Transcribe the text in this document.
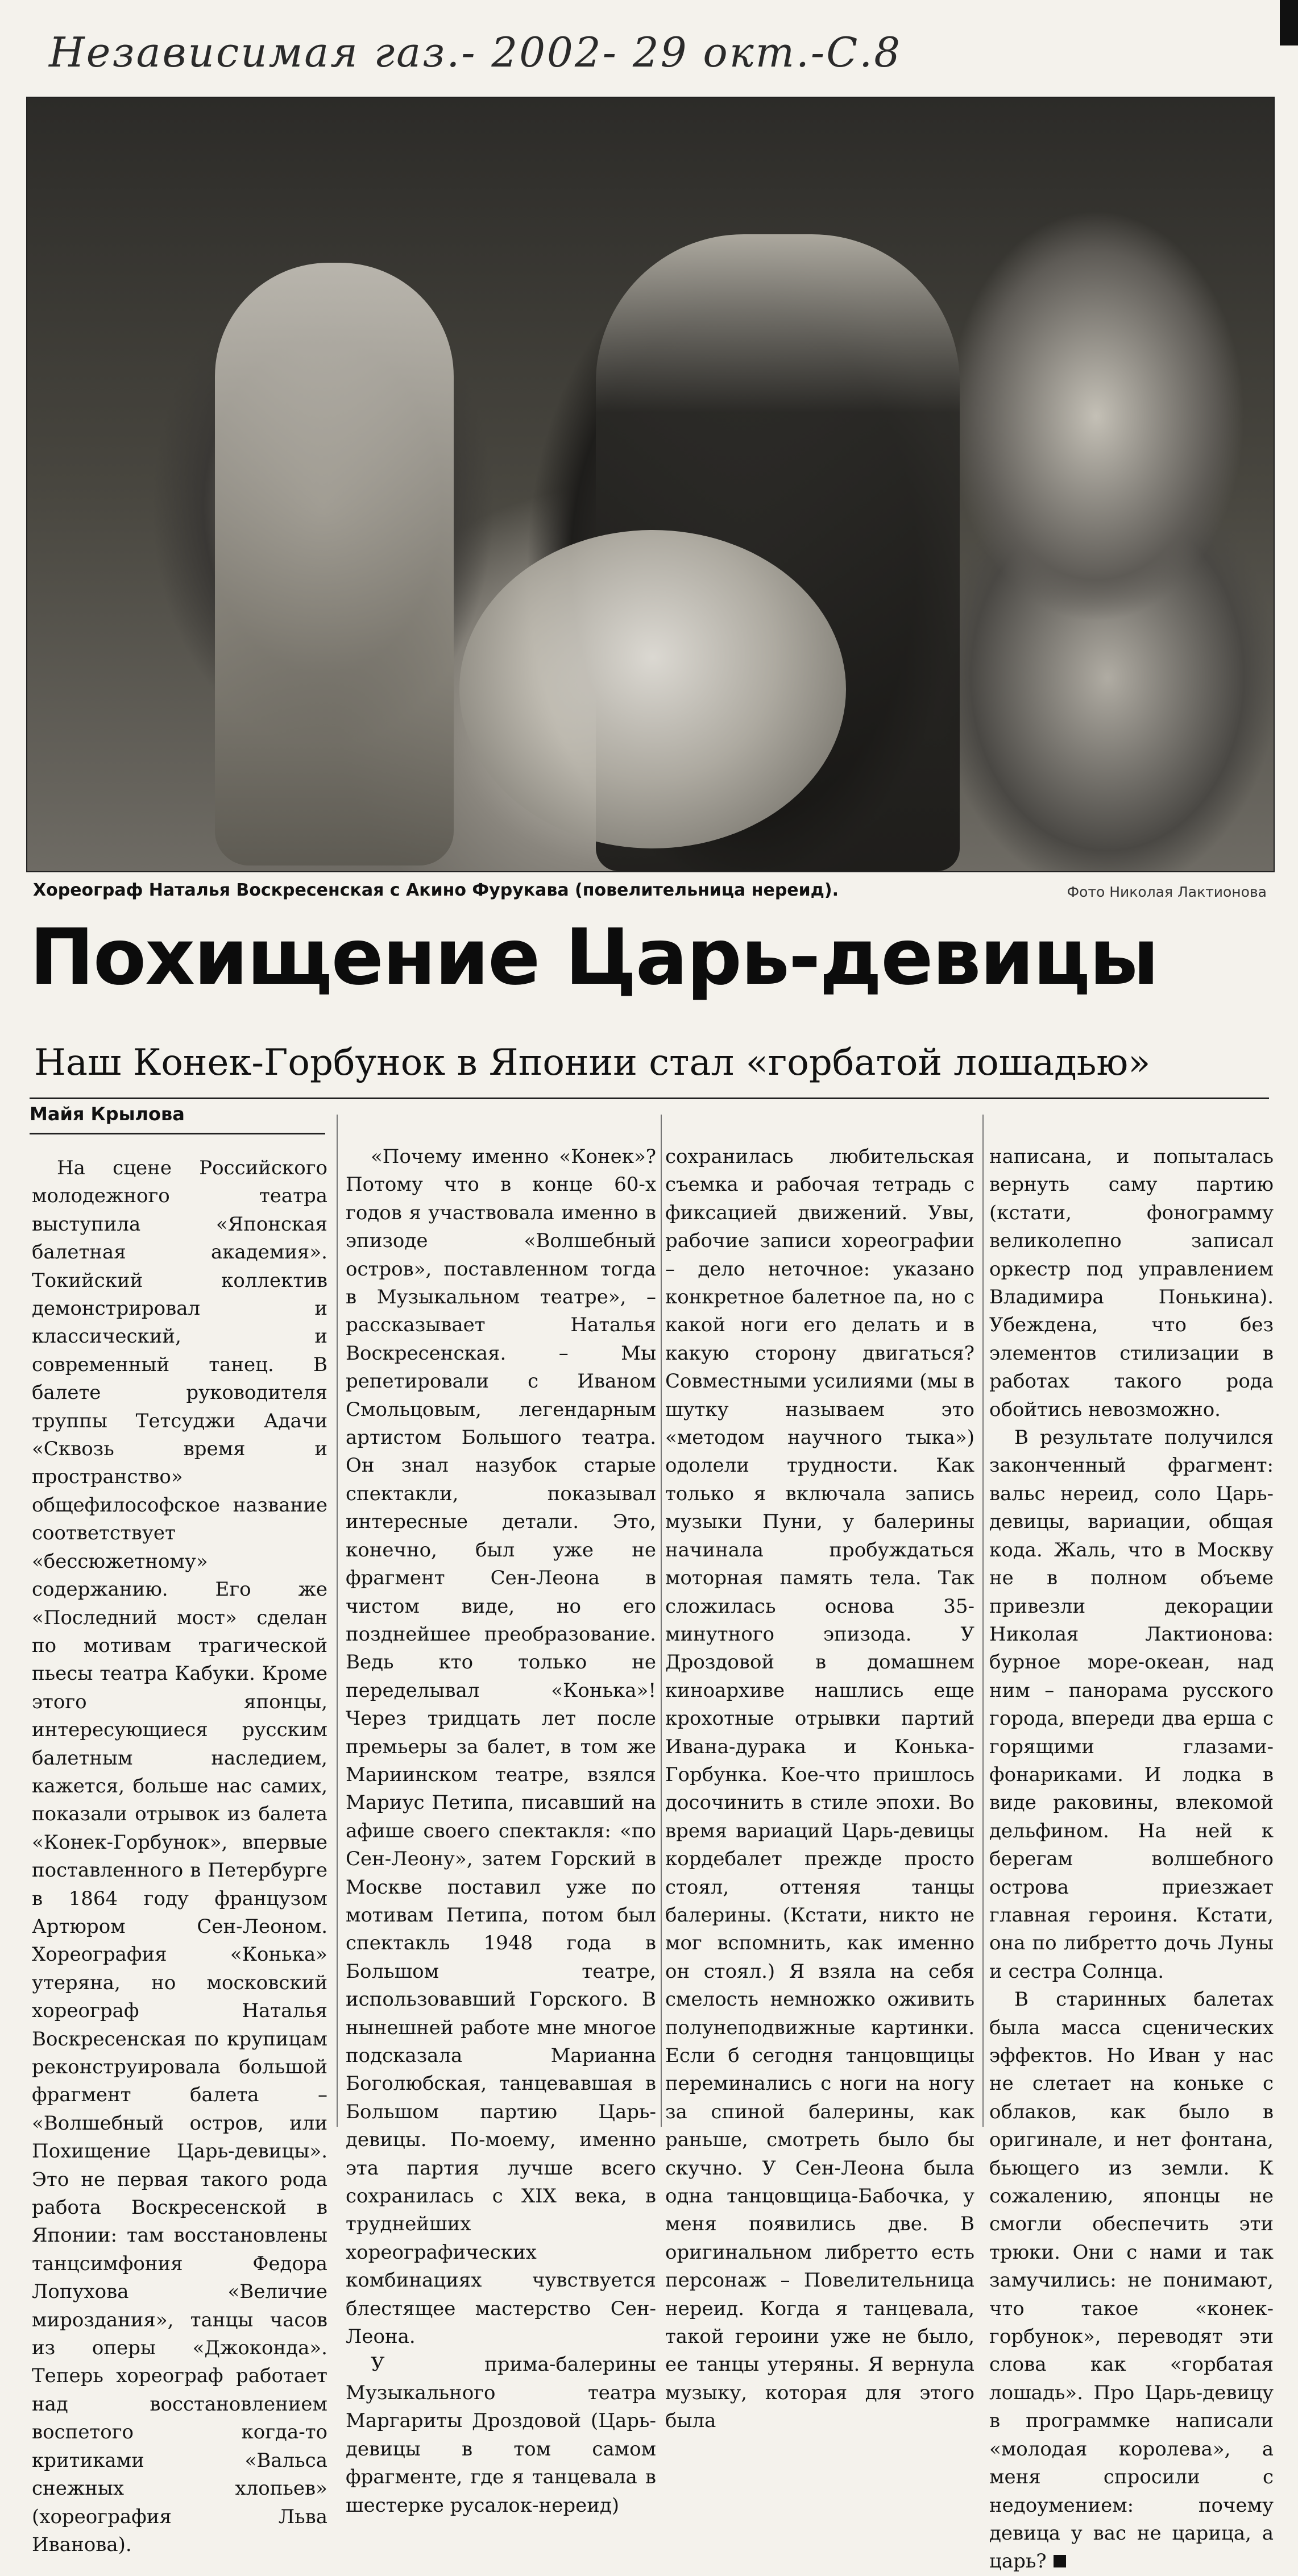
Независимая газ.- 2002- 29 окт.-С.8
Хореограф Наталья Воскресенская с Акино Фурукава (повелительница нереид).	Фото Николая Лактионова
Похищение Царь-девицы
Наш Конек-Горбунок в Японии стал «горбатой лошадью»
Майя Крылова

На сцене Российского молодежного театра выступила «Японская балетная академия». Токийский коллектив демонстрировал и классический, и современный танец. В балете руководителя труппы Тетсуджи Адачи «Сквозь время и пространство» общефилософское название соответствует «бессюжетному» содержанию. Его же «Последний мост» сделан по мотивам трагической пьесы театра Кабуки. Кроме этого японцы, интересующиеся русским балетным наследием, кажется, больше нас самих, показали отрывок из балета «Конек-Горбунок», впервые поставленного в Петербурге в 1864 году французом Артюром Сен-Леоном. Хореография «Конька» утеряна, но московский хореограф Наталья Воскресенская по крупицам реконструировала большой фрагмент балета – «Волшебный остров, или Похищение Царь-девицы». Это не первая такого рода работа Воскресенской в Японии: там восстановлены танцсимфония Федора Лопухова «Величие мироздания», танцы часов из оперы «Джоконда». Теперь хореограф работает над восстановлением воспетого когда-то критиками «Вальса снежных хлопьев» (хореография Льва Иванова).

«Почему именно «Конек»? Потому что в конце 60-х годов я участвовала именно в эпизоде «Волшебный остров», поставленном тогда в Музыкальном театре», – рассказывает Наталья Воскресенская. – Мы репетировали с Иваном Смольцовым, легендарным артистом Большого театра. Он знал назубок старые спектакли, показывал интересные детали. Это, конечно, был уже не фрагмент Сен-Леона в чистом виде, но его позднейшее преобразование. Ведь кто только не переделывал «Конька»! Через тридцать лет после премьеры за балет, в том же Мариинском театре, взялся Мариус Петипа, писавший на афише своего спектакля: «по Сен-Леону», затем Горский в Москве поставил уже по мотивам Петипа, потом был спектакль 1948 года в Большом театре, использовавший Горского. В нынешней работе мне многое подсказала Марианна Боголюбская, танцевавшая в Большом партию Царь-девицы. По-моему, именно эта партия лучше всего сохранилась с XIX века, в труднейших хореографических комбинациях чувствуется блестящее мастерство Сен-Леона.

У прима-балерины Музыкального театра Маргариты Дроздовой (Царь-девицы в том самом фрагменте, где я танцевала в шестерке русалок-нереид)

сохранилась любительская съемка и рабочая тетрадь с фиксацией движений. Увы, рабочие записи хореографии – дело неточное: указано конкретное балетное па, но с какой ноги его делать и в какую сторону двигаться? Совместными усилиями (мы в шутку называем это «методом научного тыка») одолели трудности. Как только я включала запись музыки Пуни, у балерины начинала пробуждаться моторная память тела. Так сложилась основа 35-минутного эпизода. У Дроздовой в домашнем киноархиве нашлись еще крохотные отрывки партий Ивана-дурака и Конька-Горбунка. Кое-что пришлось досочинить в стиле эпохи. Во время вариаций Царь-девицы кордебалет прежде просто стоял, оттеняя танцы балерины. (Кстати, никто не мог вспомнить, как именно он стоял.) Я взяла на себя смелость немножко оживить полунеподвижные картинки. Если б сегодня танцовщицы переминались с ноги на ногу за спиной балерины, как раньше, смотреть было бы скучно. У Сен-Леона была одна танцовщица-Бабочка, у меня появились две. В оригинальном либретто есть персонаж – Повелительница нереид. Когда я танцевала, такой героини уже не было, ее танцы утеряны. Я вернула музыку, которая для этого была

написана, и попыталась вернуть саму партию (кстати, фонограмму великолепно записал оркестр под управлением Владимира Понькина). Убеждена, что без элементов стилизации в работах такого рода обойтись невозможно.

В результате получился законченный фрагмент: вальс нереид, соло Царь-девицы, вариации, общая кода. Жаль, что в Москву не в полном объеме привезли декорации Николая Лактионова: бурное море-океан, над ним – панорама русского города, впереди два ерша с горящими глазами-фонариками. И лодка в виде раковины, влекомой дельфином. На ней к берегам волшебного острова приезжает главная героиня. Кстати, она по либретто дочь Луны и сестра Солнца.

В старинных балетах была масса сценических эффектов. Но Иван у нас не слетает на коньке с облаков, как было в оригинале, и нет фонтана, бьющего из земли. К сожалению, японцы не смогли обеспечить эти трюки. Они с нами и так замучились: не понимают, что такое «конек-горбунок», переводят эти слова как «горбатая лошадь». Про Царь-девицу в программке написали «молодая королева», а меня спросили с недоумением: почему девица у вас не царица, а царь?
